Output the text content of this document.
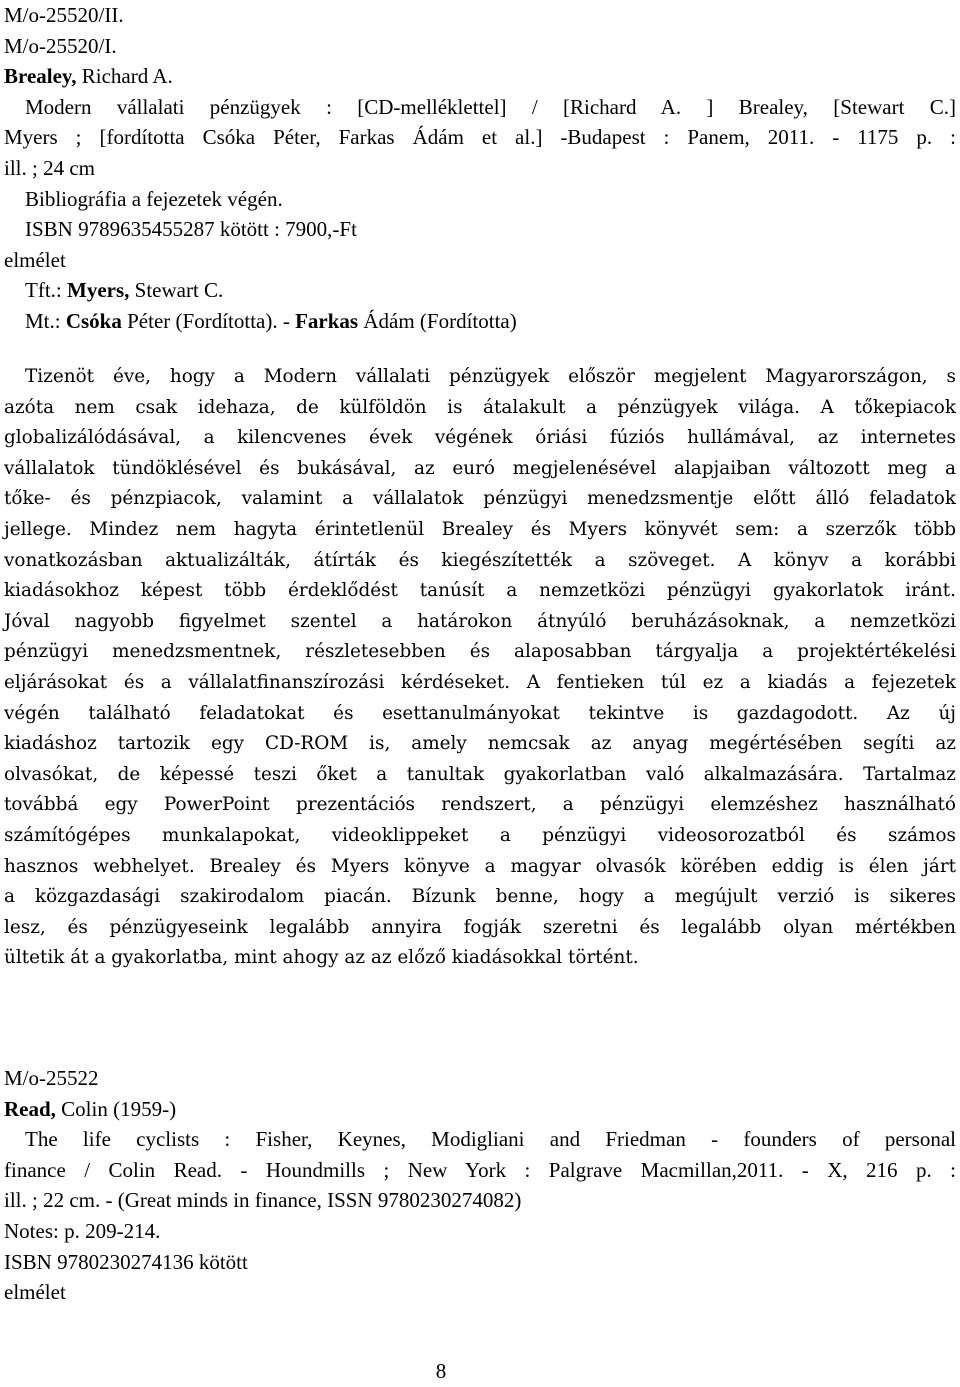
M/o-25520/II.
M/o-25520/I.
Brealey, Richard A.
Modern vállalati pénzügyek : [CD-melléklettel] / [Richard A. ] Brealey, [Stewart C.]
Myers ; [fordította Csóka Péter, Farkas Ádám et al.] -Budapest : Panem, 2011. - 1175 p. :
ill. ; 24 cm
Bibliográfia a fejezetek végén.
ISBN 9789635455287 kötött : 7900,-Ft
elmélet
Tft.: Myers, Stewart C.
Mt.: Csóka Péter (Fordította). - Farkas Ádám (Fordította)
Tizenöt éve, hogy a Modern vállalati pénzügyek először megjelent Magyarországon, s
azóta nem csak idehaza, de külföldön is átalakult a pénzügyek világa. A tőkepiacok
globalizálódásával, a kilencvenes évek végének óriási fúziós hullámával, az internetes
vállalatok tündöklésével és bukásával, az euró megjelenésével alapjaiban változott meg a
tőke- és pénzpiacok, valamint a vállalatok pénzügyi menedzsmentje előtt álló feladatok
jellege. Mindez nem hagyta érintetlenül Brealey és Myers könyvét sem: a szerzők több
vonatkozásban aktualizálták, átírták és kiegészítették a szöveget. A könyv a korábbi
kiadásokhoz képest több érdeklődést tanúsít a nemzetközi pénzügyi gyakorlatok iránt.
Jóval nagyobb figyelmet szentel a határokon átnyúló beruházásoknak, a nemzetközi
pénzügyi menedzsmentnek, részletesebben és alaposabban tárgyalja a projektértékelési
eljárásokat és a vállalatfinanszírozási kérdéseket. A fentieken túl ez a kiadás a fejezetek
végén található feladatokat és esettanulmányokat tekintve is gazdagodott. Az új
kiadáshoz tartozik egy CD-ROM is, amely nemcsak az anyag megértésében segíti az
olvasókat, de képessé teszi őket a tanultak gyakorlatban való alkalmazására. Tartalmaz
továbbá egy PowerPoint prezentációs rendszert, a pénzügyi elemzéshez használható
számítógépes munkalapokat, videoklippeket a pénzügyi videosorozatból és számos
hasznos webhelyet. Brealey és Myers könyve a magyar olvasók körében eddig is élen járt
a közgazdasági szakirodalom piacán. Bízunk benne, hogy a megújult verzió is sikeres
lesz, és pénzügyeseink legalább annyira fogják szeretni és legalább olyan mértékben
ültetik át a gyakorlatba, mint ahogy az az előző kiadásokkal történt.
M/o-25522
Read, Colin (1959-)
The life cyclists : Fisher, Keynes, Modigliani and Friedman - founders of personal
finance / Colin Read. - Houndmills ; New York : Palgrave Macmillan,2011. - X, 216 p. :
ill. ; 22 cm. - (Great minds in finance, ISSN 9780230274082)
Notes: p. 209-214.
ISBN 9780230274136 kötött
elmélet
8
